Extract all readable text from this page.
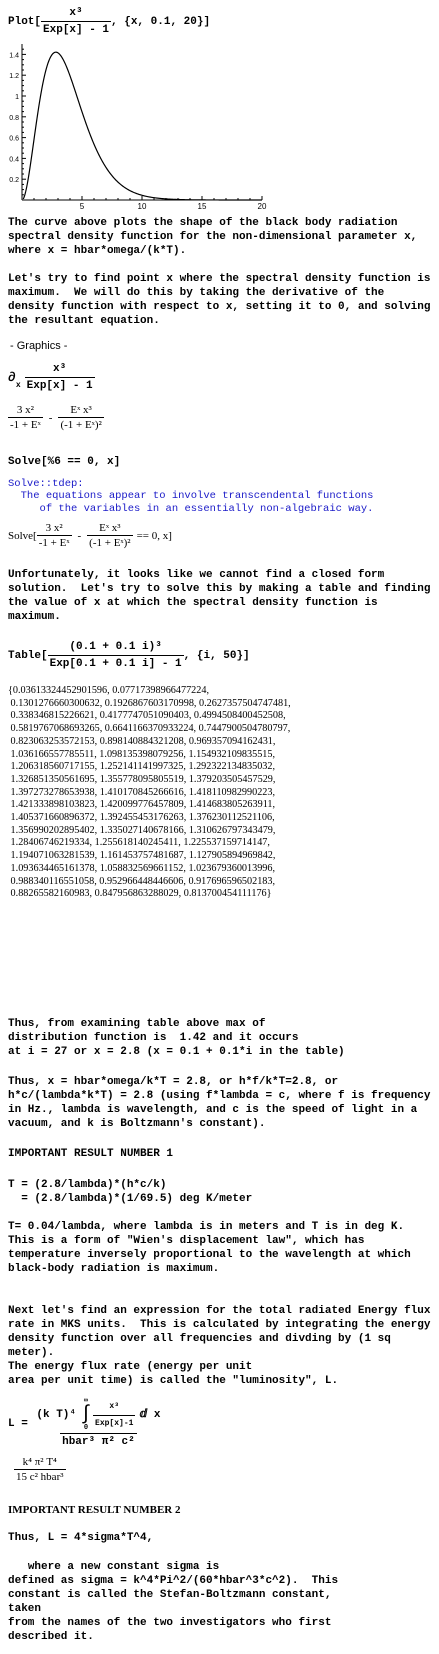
Plot[ $\frac{\text{x³}}{\text{Exp[x] - 1}}$ , {x, 0.1, 20}]
5	10	15	20
0.2
0.4
0.6
0.8
1
1.2
1.4
The curve above plots the shape of the black body radiation spectral density function for the non-dimensional parameter x, where x = hbar*omega/(k*T).
Let's try to find point x where the spectral density function is maximum.  We will do this by taking the derivative of the density function with respect to x, setting it to 0, and solving the resultant equation.
- Graphics -
∂
$_x \frac{\text{x³}}{\text{Exp[x] - 1}}$
$\frac{\text{3 x²}}{\text{-1 + Eˣ}} - \frac{\text{Eˣ x³}}{\text{(-1 + Eˣ)²}}$
Solve[%6 == 0, x]
Solve::tdep:
The equations appear to involve transcendental functions
of the variables in an essentially non-algebraic way.
Solve[ $\frac{\text{3 x²}}{\text{-1 + Eˣ}} - \frac{\text{Eˣ x³}}{\text{(-1 + Eˣ)²}} == 0$, x]
Unfortunately, it looks like we cannot find a closed form solution.  Let's try to solve this by making a table and finding the value of x at which the spectral density function is maximum.
Table[ $\frac{\text{(0.1 + 0.1 i)³}}{\text{Exp[0.1 + 0.1 i] - 1}}$ , {i, 50}]
{0.03613324452901596, 0.07717398966477224,
0.1301276660300632, 0.1926867603170998, 0.2627357504747481,
0.338346815226621, 0.4177747051090403, 0.4994508400452508,
0.5819767068693265, 0.6641166370933224, 0.7447900504780797,
0.823063253572153, 0.898140884321208, 0.969357094162431,
1.036166557785511, 1.098135398079256, 1.154932109835515,
1.206318560717155, 1.252141141997325, 1.292322134835032,
1.326851350561695, 1.355778095805519, 1.379203505457529,
1.397273278653938, 1.410170845266616, 1.418110982990223,
1.421333898103823, 1.420099776457809, 1.414683805263911,
1.405371660896372, 1.392455453176263, 1.376230112521106,
1.356990202895402, 1.335027140678166, 1.310626797343479,
1.28406746219334, 1.255618140245411, 1.225537159714147,
1.194071063281539, 1.161453757481687, 1.127905894969842,
1.093634465161378, 1.058832569661152, 1.023679360013996,
0.988340116551058, 0.952966448446606, 0.917696596502183,
0.88265582160983, 0.847956863288029, 0.813700454111176}
Thus, from examining table above max of
distribution function is  1.42 and it occurs
at i = 27 or x = 2.8 (x = 0.1 + 0.1*i in the table)
Thus, x = hbar*omega/k*T = 2.8, or h*f/k*T=2.8, or h*c/(lambda*k*T) = 2.8 (using f*lambda = c, where f is frequency in Hz., lambda is wavelength, and c is the speed of light in a vacuum, and k is Boltzmann's constant).
IMPORTANT RESULT NUMBER 1
T = (2.8/lambda)*(h*c/k)
= (2.8/lambda)*(1/69.5) deg K/meter
T= 0.04/lambda, where lambda is in meters and T is in deg K. This is a form of "Wien's displacement law", which has temperature inversely proportional to the wavelength at which black-body radiation is maximum.
Next let's find an expression for the total radiated Energy flux rate in MKS units.  This is calculated by integrating the energy density function over all frequencies and divding by (1 sq meter).
The energy flux rate (energy per unit
area per unit time) is called the "luminosity", L.
L =
(k T)⁴
∞
∫
$0 \frac{\text{x³}}{\text{Exp[x]-1}}$ ⅆ x
hbar³ π² c²
$\frac{\text{k⁴ π² T⁴}}{\text{15 c² hbar³}}$
IMPORTANT RESULT NUMBER 2
Thus, L = 4*sigma*T^4,
where a new constant sigma is
defined as sigma = k^4*Pi^2/(60*hbar^3*c^2).  This
constant is called the Stefan-Boltzmann constant,
taken
from the names of the two investigators who first
described it.
